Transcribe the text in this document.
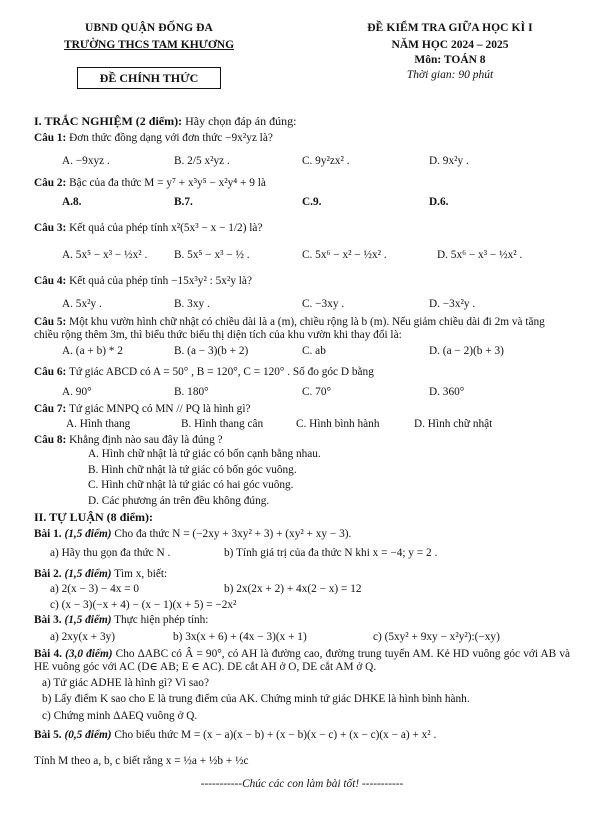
UBND QUẬN ĐỐNG ĐA
TRƯỜNG THCS TAM KHƯƠNG
ĐỀ CHÍNH THỨC
ĐỀ KIỂM TRA GIỮA HỌC KÌ I
NĂM HỌC 2024 – 2025
Môn: TOÁN 8
Thời gian: 90 phút
I. TRẮC NGHIỆM (2 điểm): Hãy chọn đáp án đúng:
Câu 1: Đơn thức đồng dạng với đơn thức −9x²yz là?
A. −9xyz .	B. 2/5 x²yz .	C. 9y²zx² .	D. 9x²y .
Câu 2: Bậc của đa thức M = y⁷ + x³y⁵ − x²y⁴ + 9 là
A.8.	B.7.	C.9.	D.6.
Câu 3: Kết quả của phép tính x²(5x³ − x − 1/2) là?
A. 5x⁵ − x³ − ½x² .	B. 5x⁵ − x³ − ½ .	C. 5x⁶ − x² − ½x² .	D. 5x⁶ − x³ − ½x² .
Câu 4: Kết quả của phép tính −15x³y² : 5x²y là?
A. 5x²y .	B. 3xy .	C. −3xy .	D. −3x²y .
Câu 5: Một khu vườn hình chữ nhật có chiều dài là a (m), chiều rộng là b (m). Nếu giảm chiều dài đi 2m và tăng chiều rộng thêm 3m, thì biểu thức biểu thị diện tích của khu vườn khi thay đổi là:
A. (a + b) * 2	B. (a − 3)(b + 2)	C. ab	D. (a − 2)(b + 3)
Câu 6: Tứ giác ABCD có A = 50° , B = 120°, C = 120° . Số đo góc D bằng
A. 90°	B. 180°	C. 70°	D. 360°
Câu 7: Tứ giác MNPQ có MN // PQ là hình gì?
A. Hình thang	B. Hình thang cân	C. Hình bình hành	D. Hình chữ nhật
Câu 8: Khẳng định nào sau đây là đúng ?
A. Hình chữ nhật là tứ giác có bốn cạnh bằng nhau.
B. Hình chữ nhật là tứ giác có bốn góc vuông.
C. Hình chữ nhật là tứ giác có hai góc vuông.
D. Các phương án trên đều không đúng.
II. TỰ LUẬN (8 điểm):
Bài 1. (1,5 điểm) Cho đa thức N = (−2xy + 3xy² + 3) + (xy² + xy − 3).
a) Hãy thu gọn đa thức N .	b) Tính giá trị của đa thức N khi x = −4; y = 2 .
Bài 2. (1,5 điểm) Tìm x, biết:
a) 2(x − 3) − 4x = 0	b) 2x(2x + 2) + 4x(2 − x) = 12
c) (x − 3)(−x + 4) − (x − 1)(x + 5) = −2x²
Bài 3. (1,5 điểm) Thực hiện phép tính:
a) 2xy(x + 3y)	b) 3x(x + 6) + (4x − 3)(x + 1)	c) (5xy² + 9xy − x²y²):(−xy)
Bài 4. (3,0 điểm) Cho ΔABC có Â = 90°, có AH là đường cao, đường trung tuyến AM. Kẻ HD vuông góc với AB và HE vuông góc với AC (D∈ AB; E ∈ AC). DE cắt AH ở O, DE cắt AM ở Q.
a) Tứ giác ADHE là hình gì? Vì sao?
b) Lấy điểm K sao cho E là trung điểm của AK. Chứng minh tứ giác DHKE là hình bình hành.
c) Chứng minh ΔAEQ vuông ở Q.
Bài 5. (0,5 điểm) Cho biểu thức M = (x − a)(x − b) + (x − b)(x − c) + (x − c)(x − a) + x² .
Tính M theo a, b, c biết rằng x = ½a + ½b + ½c
-----------Chúc các con làm bài tốt! -----------
